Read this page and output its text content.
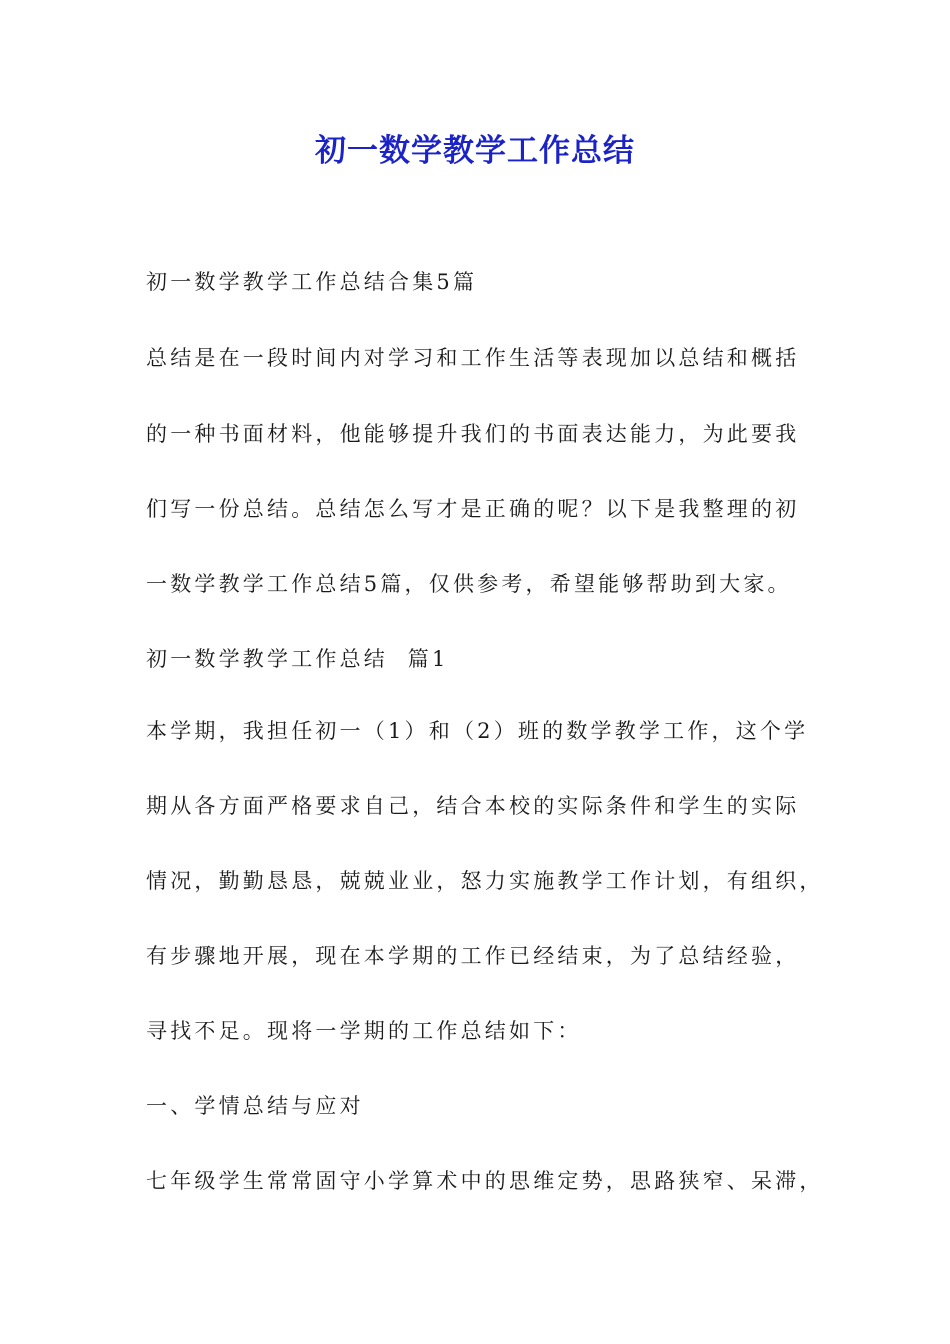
初一数学教学工作总结
初一数学教学工作总结合集5篇
总结是在一段时间内对学习和工作生活等表现加以总结和概括
的一种书面材料，他能够提升我们的书面表达能力，为此要我
们写一份总结。总结怎么写才是正确的呢？以下是我整理的初
一数学教学工作总结5篇，仅供参考，希望能够帮助到大家。
初一数学教学工作总结  篇1
本学期，我担任初一（1）和（2）班的数学教学工作，这个学
期从各方面严格要求自己，结合本校的实际条件和学生的实际
情况，勤勤恳恳，兢兢业业，怒力实施教学工作计划，有组织，
有步骤地开展，现在本学期的工作已经结束，为了总结经验，
寻找不足。现将一学期的工作总结如下：
一、学情总结与应对
七年级学生常常固守小学算术中的思维定势，思路狭窄、呆滞，
